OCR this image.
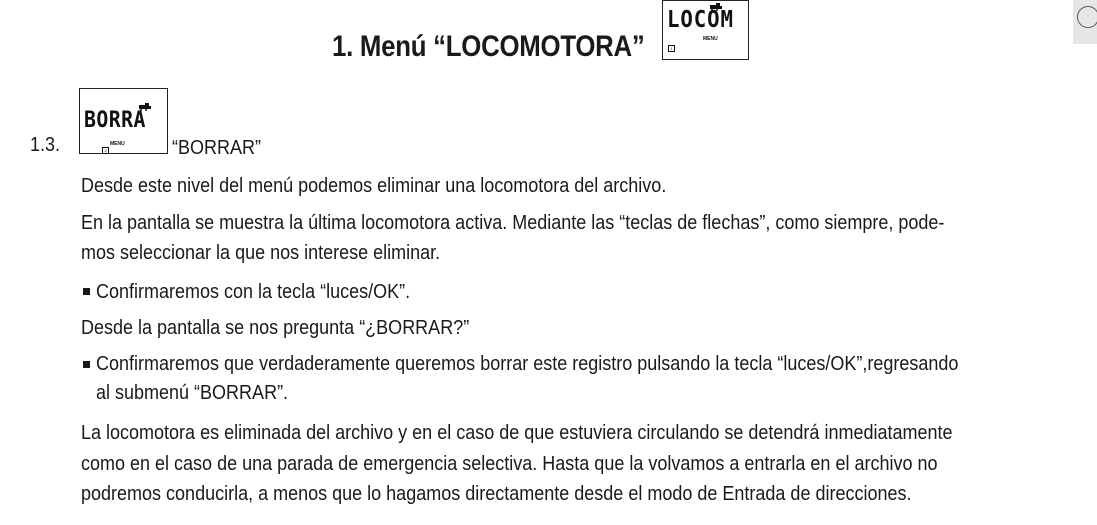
1. Menú “LOCOMOTORA”
LOCOM
MENU
1
1.3.
BORRA
MENU
3	“BORRAR”

Desde este nivel del menú podemos eliminar una locomotora del archivo.

En la pantalla se muestra la última locomotora activa. Mediante las “teclas de flechas”, como siempre, pode-

mos seleccionar la que nos interese eliminar.

Confirmaremos con la tecla “luces/OK”.

Desde la pantalla se nos pregunta “¿BORRAR?”

Confirmaremos que verdaderamente queremos borrar este registro pulsando la tecla “luces/OK”,regresando

al submenú “BORRAR”.

La locomotora es eliminada del archivo y en el caso de que estuviera circulando se detendrá inmediatamente

como en el caso de una parada de emergencia selectiva. Hasta que la volvamos a entrarla en el archivo no

podremos conducirla, a menos que lo hagamos directamente desde el modo de Entrada de direcciones.
